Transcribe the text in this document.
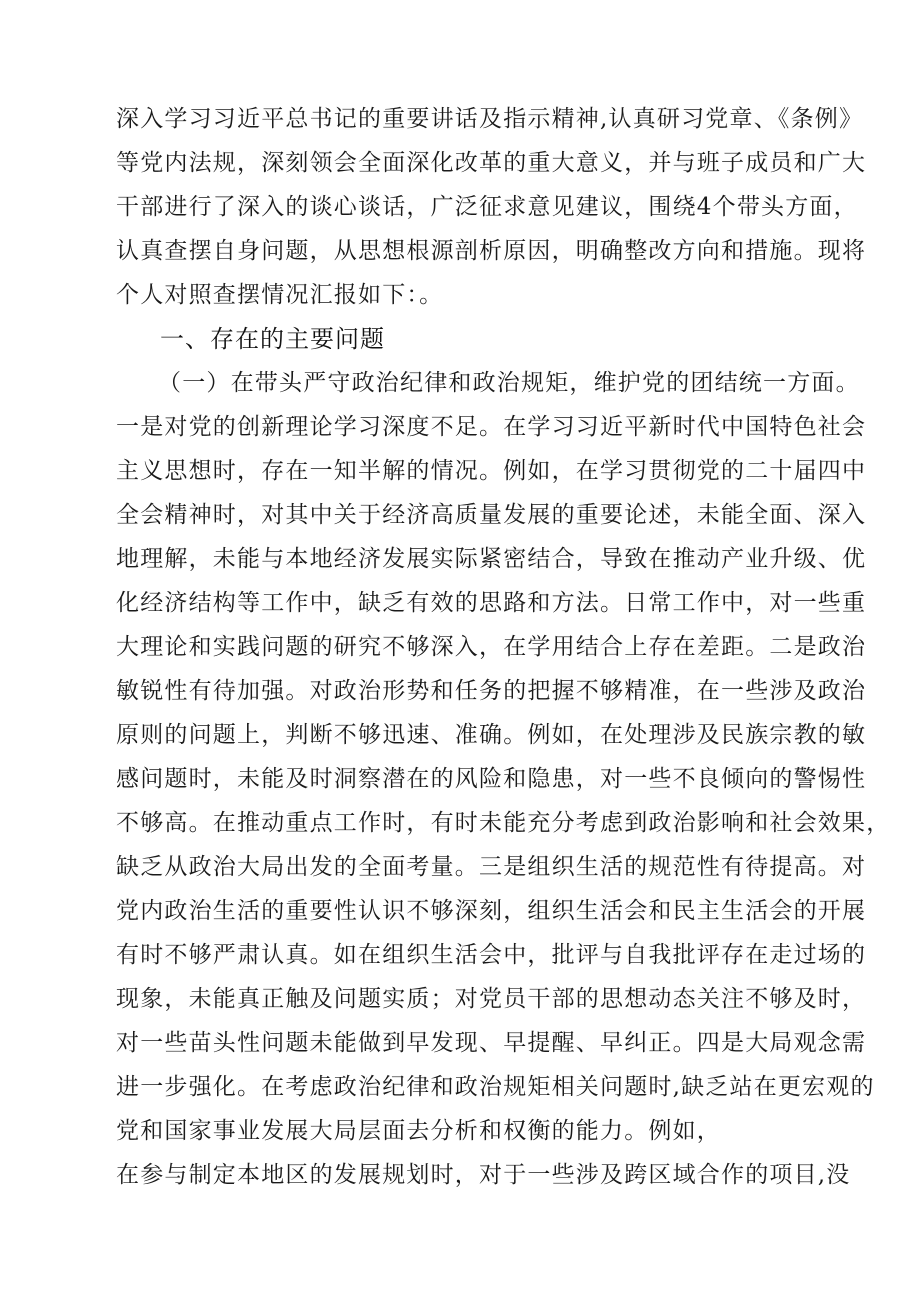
深入学习习近平总书记的重要讲话及指示精神,认真研习党章、《条例》
等党内法规，深刻领会全面深化改革的重大意义，并与班子成员和广大
干部进行了深入的谈心谈话，广泛征求意见建议，围绕4个带头方面，
认真查摆自身问题，从思想根源剖析原因，明确整改方向和措施。现将
个人对照查摆情况汇报如下：。
一、存在的主要问题
（一）在带头严守政治纪律和政治规矩，维护党的团结统一方面。
一是对党的创新理论学习深度不足。在学习习近平新时代中国特色社会
主义思想时，存在一知半解的情况。例如，在学习贯彻党的二十届四中
全会精神时，对其中关于经济高质量发展的重要论述，未能全面、深入
地理解，未能与本地经济发展实际紧密结合，导致在推动产业升级、优
化经济结构等工作中，缺乏有效的思路和方法。日常工作中，对一些重
大理论和实践问题的研究不够深入，在学用结合上存在差距。二是政治
敏锐性有待加强。对政治形势和任务的把握不够精准，在一些涉及政治
原则的问题上，判断不够迅速、准确。例如，在处理涉及民族宗教的敏
感问题时，未能及时洞察潜在的风险和隐患，对一些不良倾向的警惕性
不够高。在推动重点工作时，有时未能充分考虑到政治影响和社会效果，
缺乏从政治大局出发的全面考量。三是组织生活的规范性有待提高。对
党内政治生活的重要性认识不够深刻，组织生活会和民主生活会的开展
有时不够严肃认真。如在组织生活会中，批评与自我批评存在走过场的
现象，未能真正触及问题实质；对党员干部的思想动态关注不够及时，
对一些苗头性问题未能做到早发现、早提醒、早纠正。四是大局观念需
进一步强化。在考虑政治纪律和政治规矩相关问题时,缺乏站在更宏观的
党和国家事业发展大局层面去分析和权衡的能力。例如，
在参与制定本地区的发展规划时，对于一些涉及跨区域合作的项目,没
